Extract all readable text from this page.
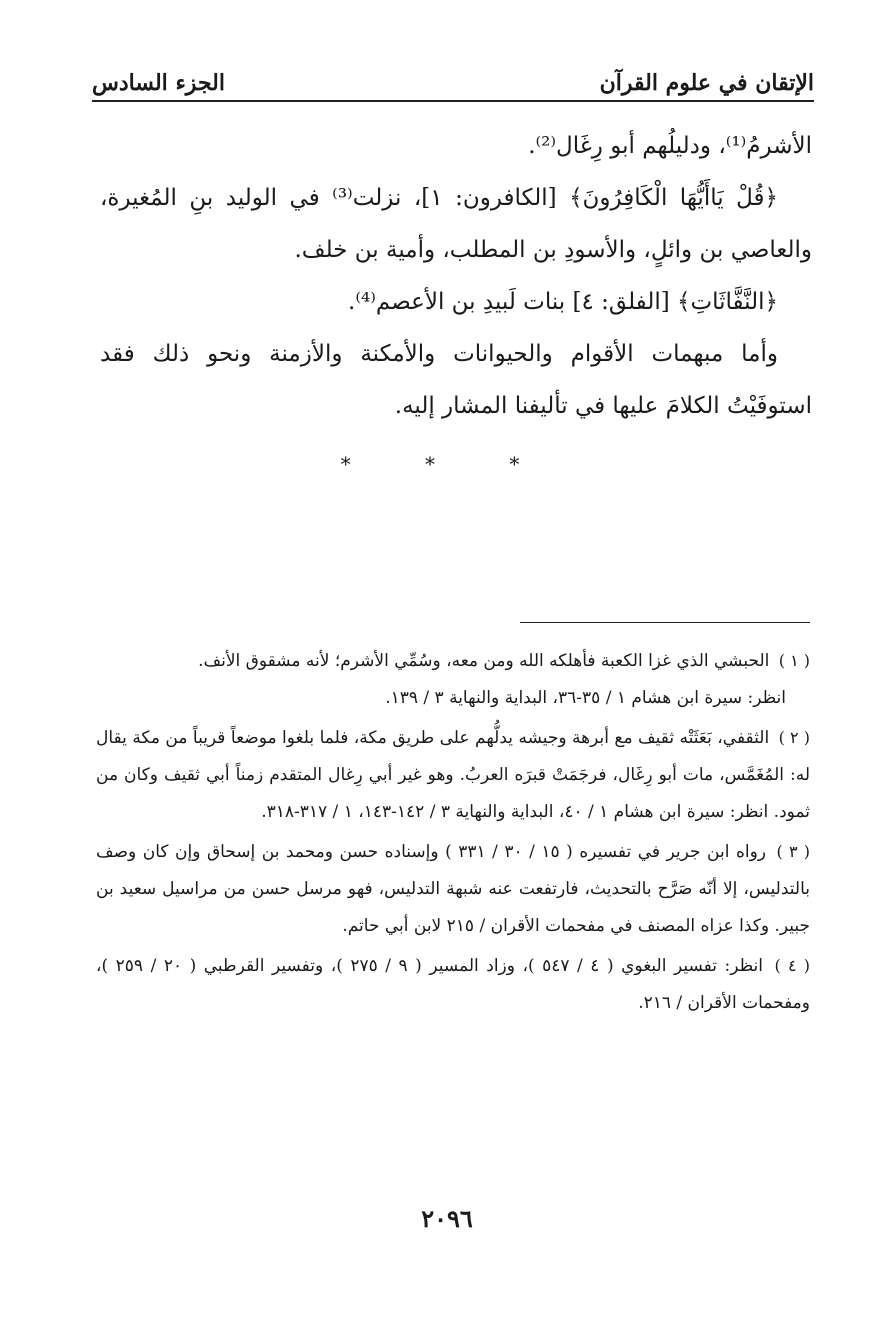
الإتقان في علوم القرآن
الجزء السادس

الأشرمُ⁽¹⁾، ودليلُهم أبو رِغَال⁽²⁾.

﴿قُلْ يَاأَيُّهَا الْكَافِرُونَ﴾ [الكافرون: ١]، نزلت⁽³⁾ في الوليد بنِ المُغيرة، والعاصي بن وائلٍ، والأسودِ بن المطلب، وأمية بن خلف.

﴿النَّفَّاثَاتِ﴾ [الفلق: ٤] بنات لَبيدِ بن الأعصم⁽⁴⁾.

وأما مبهمات الأقوام والحيوانات والأمكنة والأزمنة ونحو ذلك فقد استوفَيْتُ الكلامَ عليها في تأليفنا المشار إليه.

* * *

( ١ ) الحبشي الذي غزا الكعبة فأهلكه الله ومن معه، وسُمِّي الأشرم؛ لأنه مشقوق الأنف.
انظر: سيرة ابن هشام ١ / ٣٥-٣٦، البداية والنهاية ٣ / ١٣٩.

( ٢ ) الثقفي، بَعَثَتْه ثقيف مع أبرهة وجيشه يدلُّهم على طريق مكة، فلما بلغوا موضعاً قريباً من مكة يقال له: المُغَمَّس، مات أبو رِغَال، فرجَمَتْ قبرَه العربُ. وهو غير أبي رِغال المتقدم زمناً أبي ثقيف وكان من ثمود. انظر: سيرة ابن هشام ١ / ٤٠، البداية والنهاية ٣ / ١٤٢-١٤٣، ١ / ٣١٧-٣١٨.

( ٣ ) رواه ابن جرير في تفسيره ( ١٥ / ٣٠ / ٣٣١ ) وإسناده حسن ومحمد بن إسحاق وإن كان وصف بالتدليس، إلا أنّه صَرَّح بالتحديث، فارتفعت عنه شبهة التدليس، فهو مرسل حسن من مراسيل سعيد بن جبير. وكذا عزاه المصنف في مفحمات الأقران / ٢١٥ لابن أبي حاتم.

( ٤ ) انظر: تفسير البغوي ( ٤ / ٥٤٧ )، وزاد المسير ( ٩ / ٢٧٥ )، وتفسير القرطبي ( ٢٠ / ٢٥٩ )، ومفحمات الأقران / ٢١٦.

٢٠٩٦
